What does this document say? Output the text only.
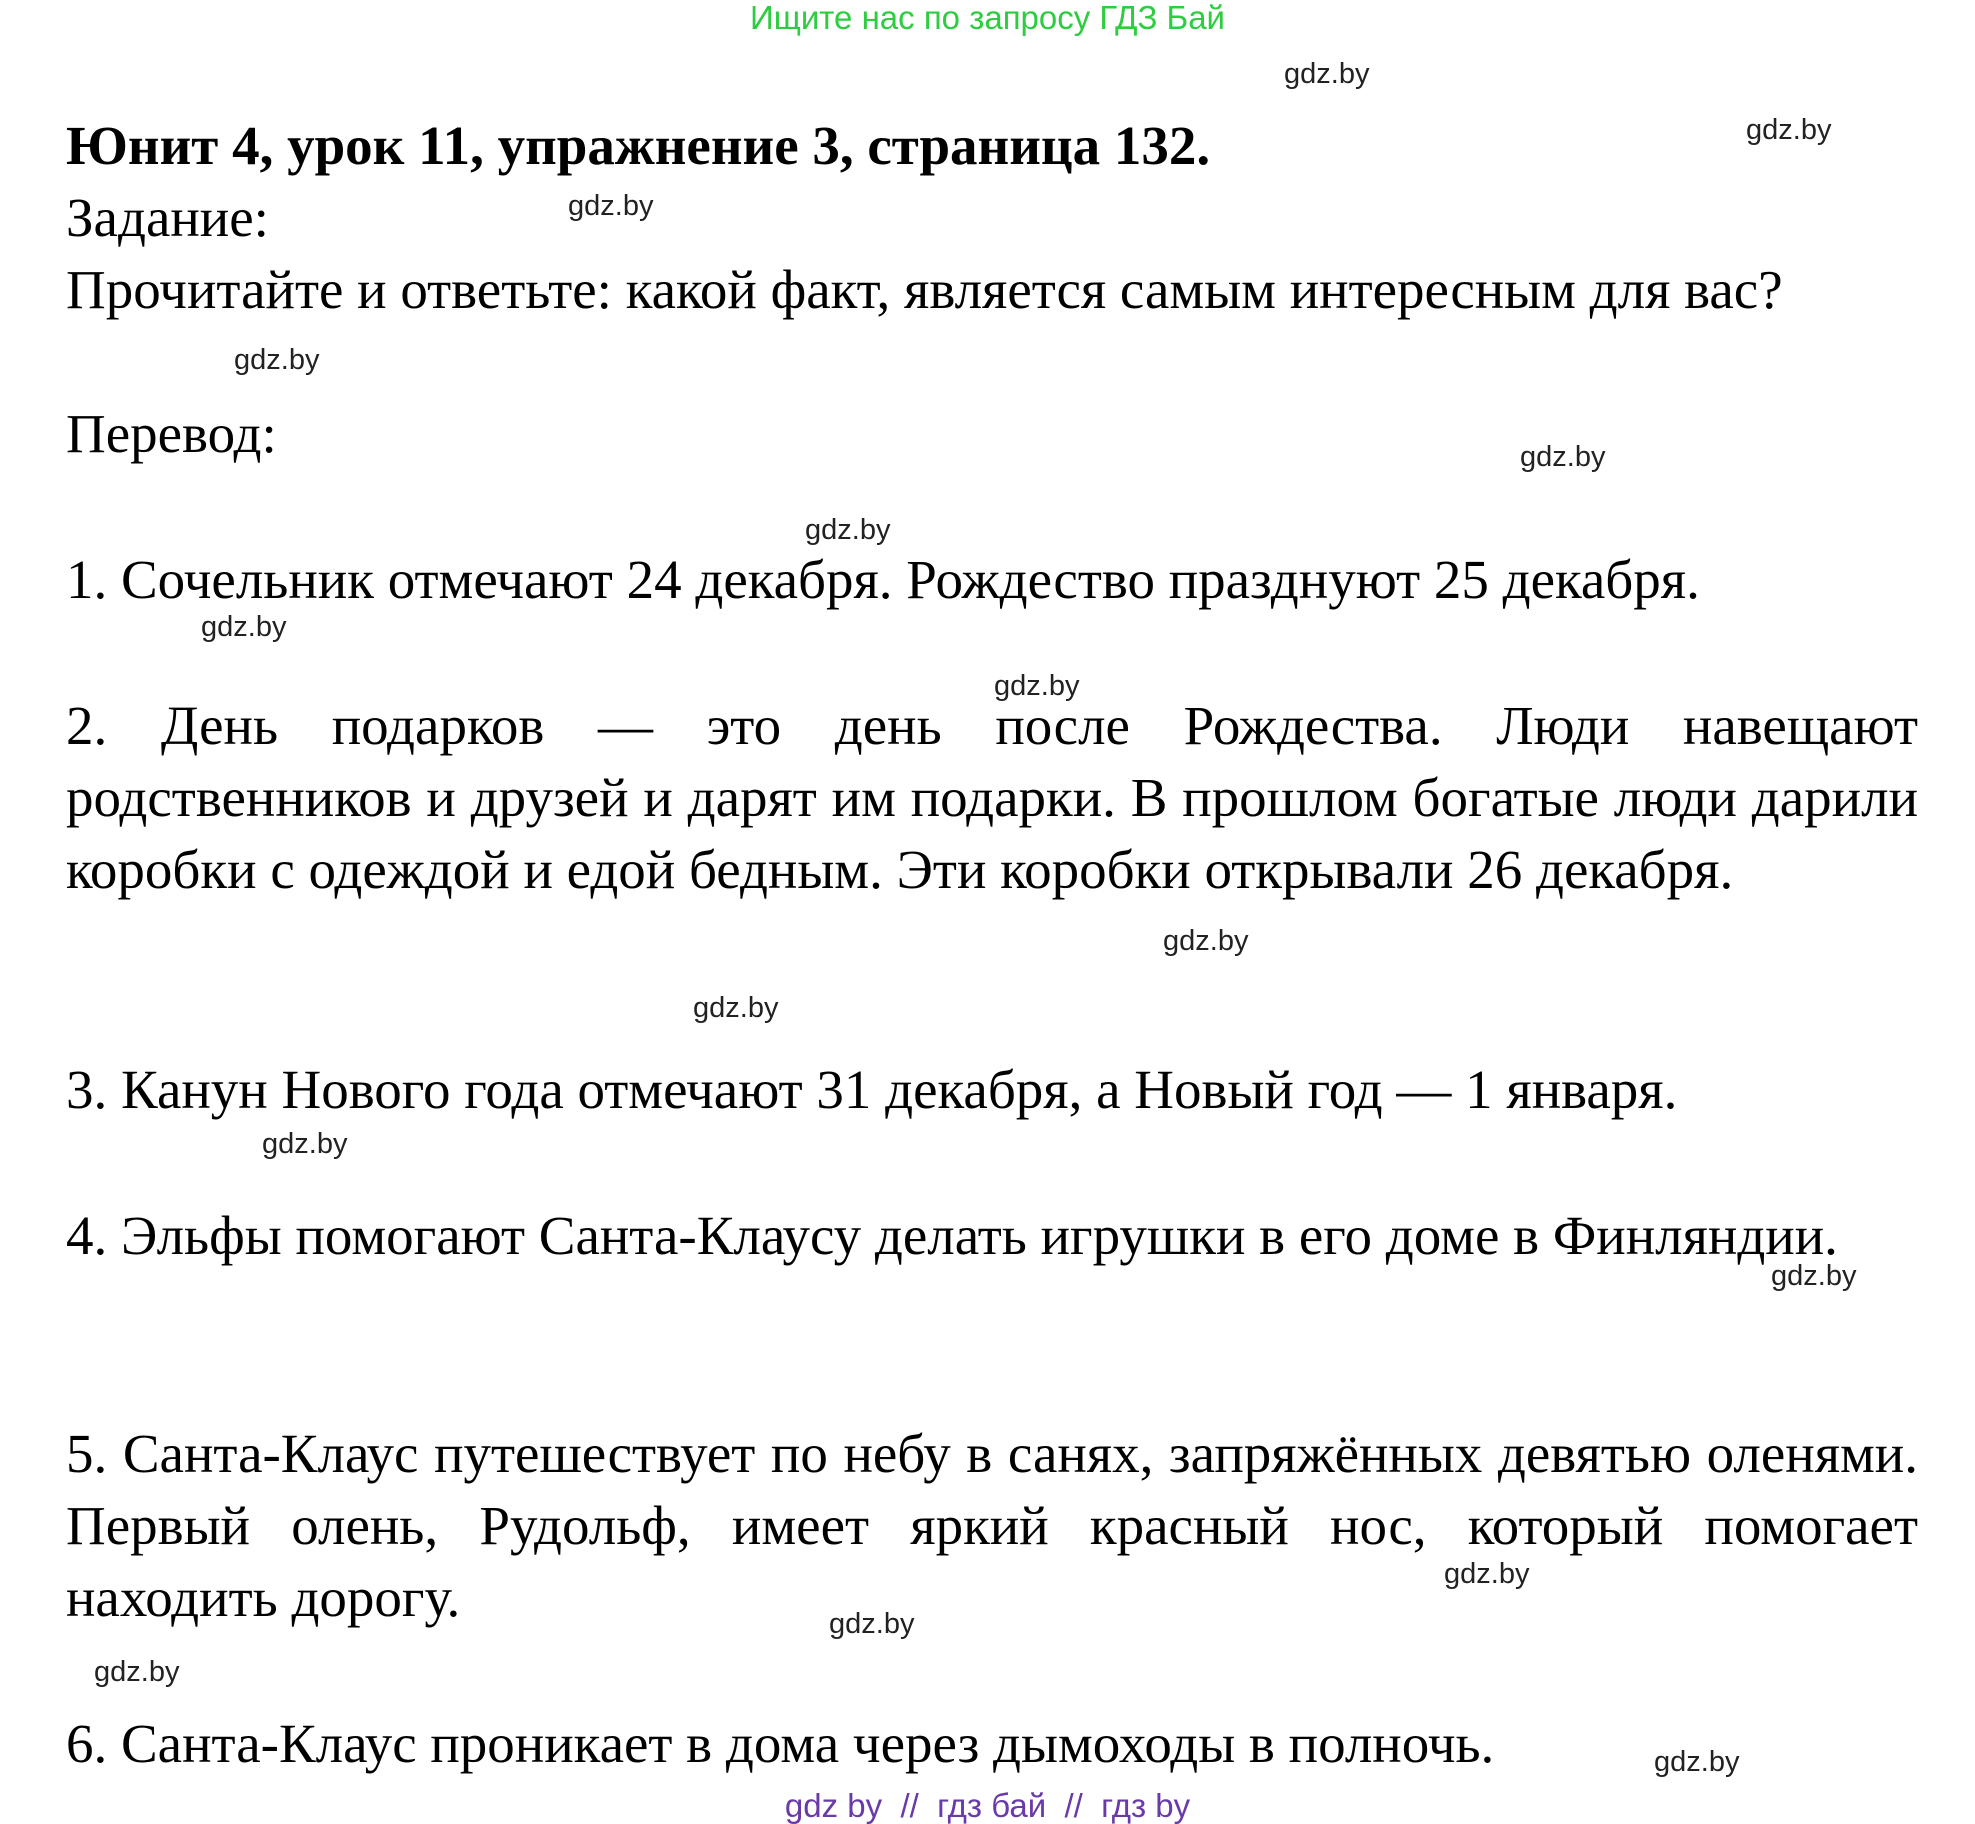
Ищите нас по запросу ГДЗ Бай
Юнит 4, урок 11, упражнение 3, страница 132.
Задание:
Прочитайте и ответьте: какой факт, является самым интересным для вас?
Перевод:
1. Сочельник отмечают 24 декабря. Рождество празднуют 25 декабря.
2. День подарков — это день после Рождества. Люди навещают родственников и друзей и дарят им подарки. В прошлом богатые люди дарили коробки с одеждой и едой бедным. Эти коробки открывали 26 декабря.
3. Канун Нового года отмечают 31 декабря, а Новый год — 1 января.
4. Эльфы помогают Санта-Клаусу делать игрушки в его доме в Финляндии.
5. Санта-Клаус путешествует по небу в санях, запряжённых девятью оленями. Первый олень, Рудольф, имеет яркий красный нос, который помогает находить дорогу.
6. Санта-Клаус проникает в дома через дымоходы в полночь.
gdz.by
gdz.by
gdz.by
gdz.by
gdz.by
gdz.by
gdz.by
gdz.by
gdz.by
gdz.by
gdz.by
gdz.by
gdz.by
gdz.by
gdz.by
gdz.by
gdz by  //  гдз бай  //  гдз by
